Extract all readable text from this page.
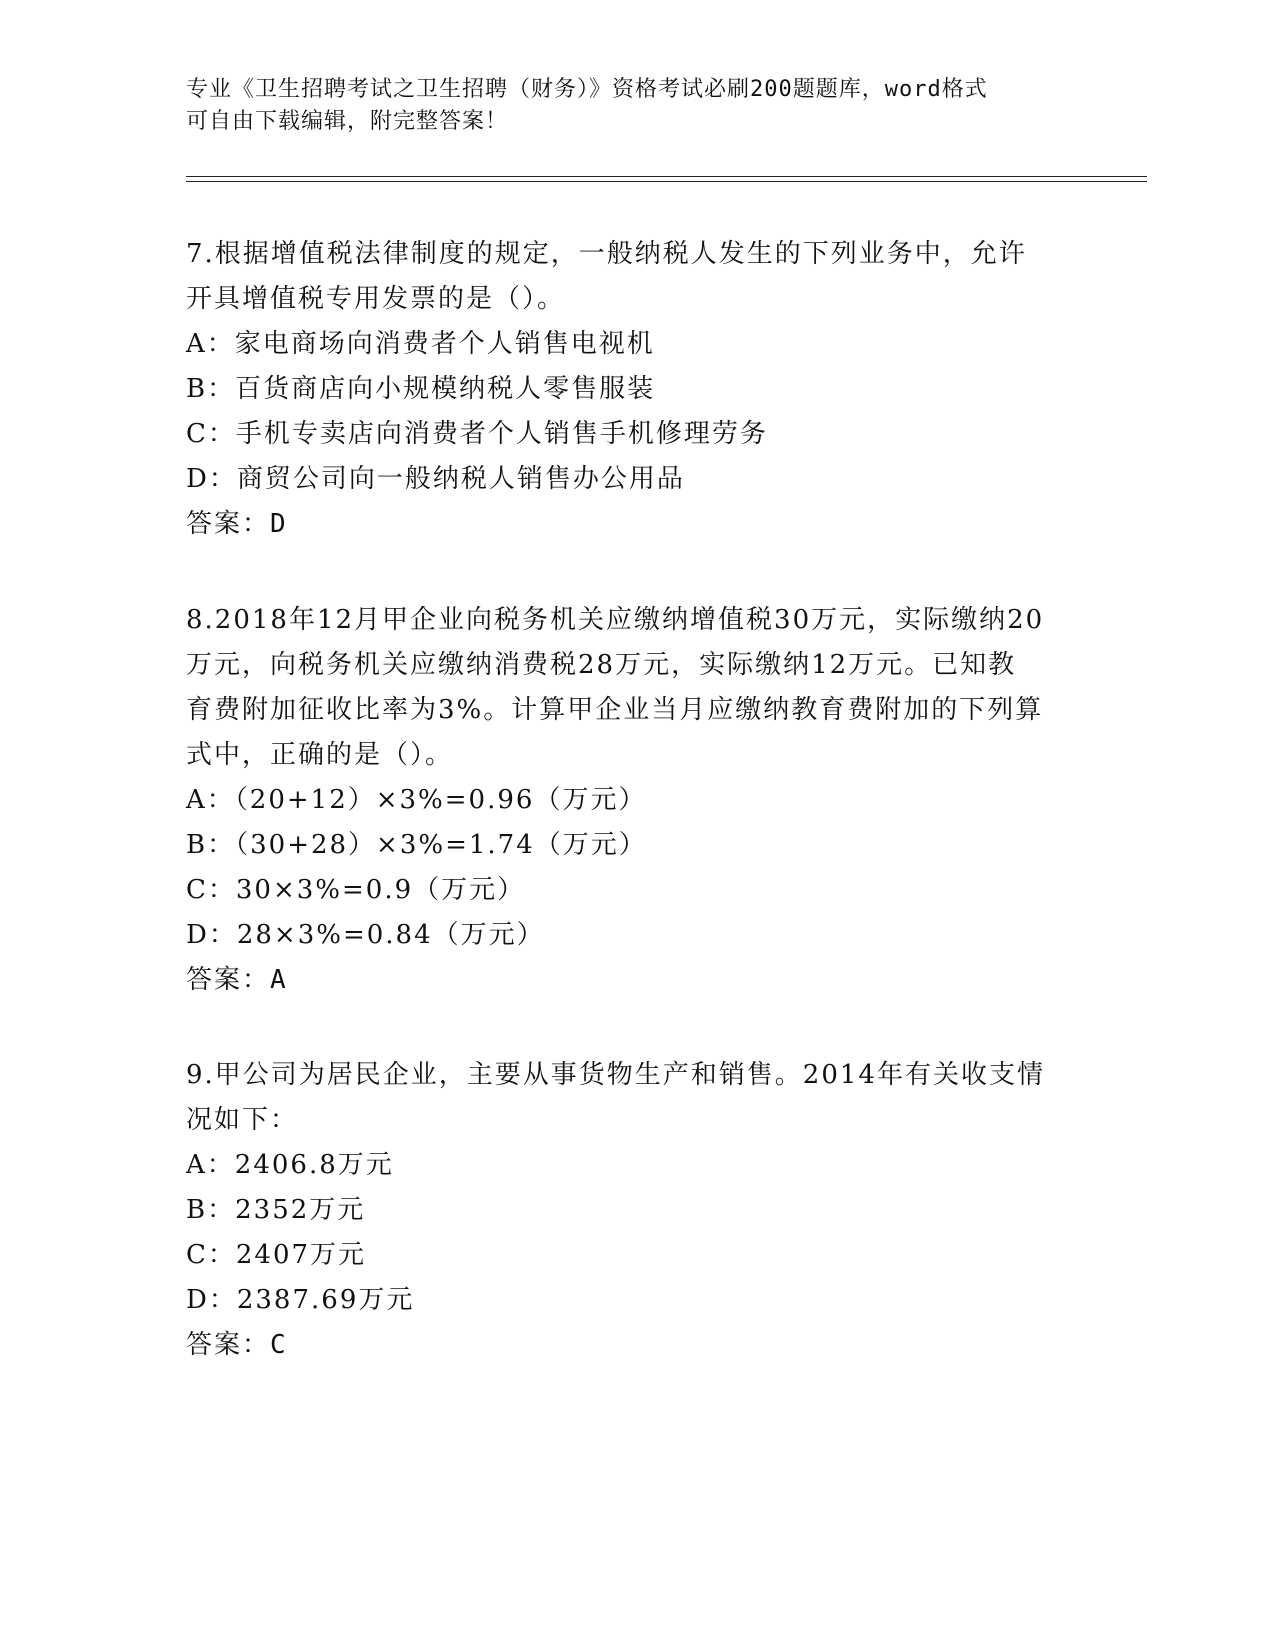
专业《卫生招聘考试之卫生招聘（财务）》资格考试必刷200题题库，word格式
可自由下载编辑，附完整答案！

7.根据增值税法律制度的规定，一般纳税人发生的下列业务中，允许

开具增值税专用发票的是（）。

A：家电商场向消费者个人销售电视机

B：百货商店向小规模纳税人零售服装

C：手机专卖店向消费者个人销售手机修理劳务

D：商贸公司向一般纳税人销售办公用品

答案：D

8.2018年12月甲企业向税务机关应缴纳增值税30万元，实际缴纳20

万元，向税务机关应缴纳消费税28万元，实际缴纳12万元。已知教

育费附加征收比率为3%。计算甲企业当月应缴纳教育费附加的下列算

式中，正确的是（）。

A：（20+12）×3%=0.96（万元）

B：（30+28）×3%=1.74（万元）

C：30×3%=0.9（万元）

D：28×3%=0.84（万元）

答案：A

9.甲公司为居民企业，主要从事货物生产和销售。2014年有关收支情

况如下：

A：2406.8万元

B：2352万元

C：2407万元

D：2387.69万元

答案：C
